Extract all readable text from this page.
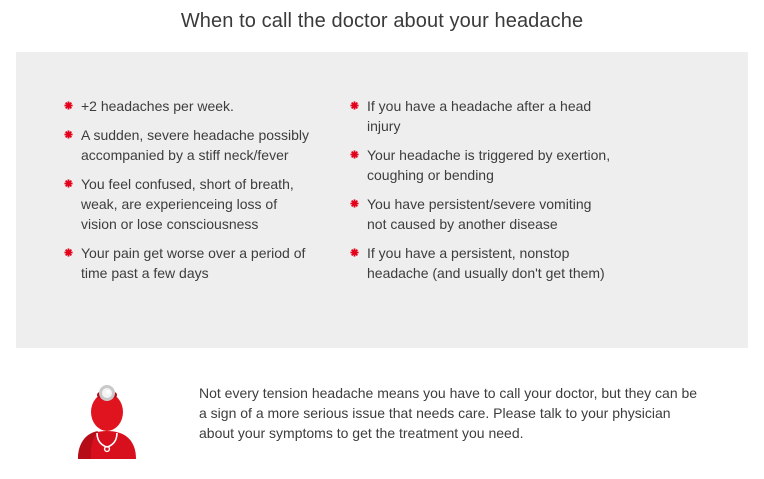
When to call the doctor about your headache
+2 headaches per week.
A sudden, severe headache possibly accompanied by a stiff neck/fever
You feel confused, short of breath, weak, are experienceing loss of vision or lose consciousness
Your pain get worse over a period of time past a few days
If you have a headache after a head injury
Your headache is triggered by exertion, coughing or bending
You have persistent/severe vomiting not caused by another disease
If you have a persistent, nonstop headache (and usually don't get them)
Not every tension headache means you have to call your doctor, but they can be a sign of a more serious issue that needs care. Please talk to your physician about your symptoms to get the treatment you need.
